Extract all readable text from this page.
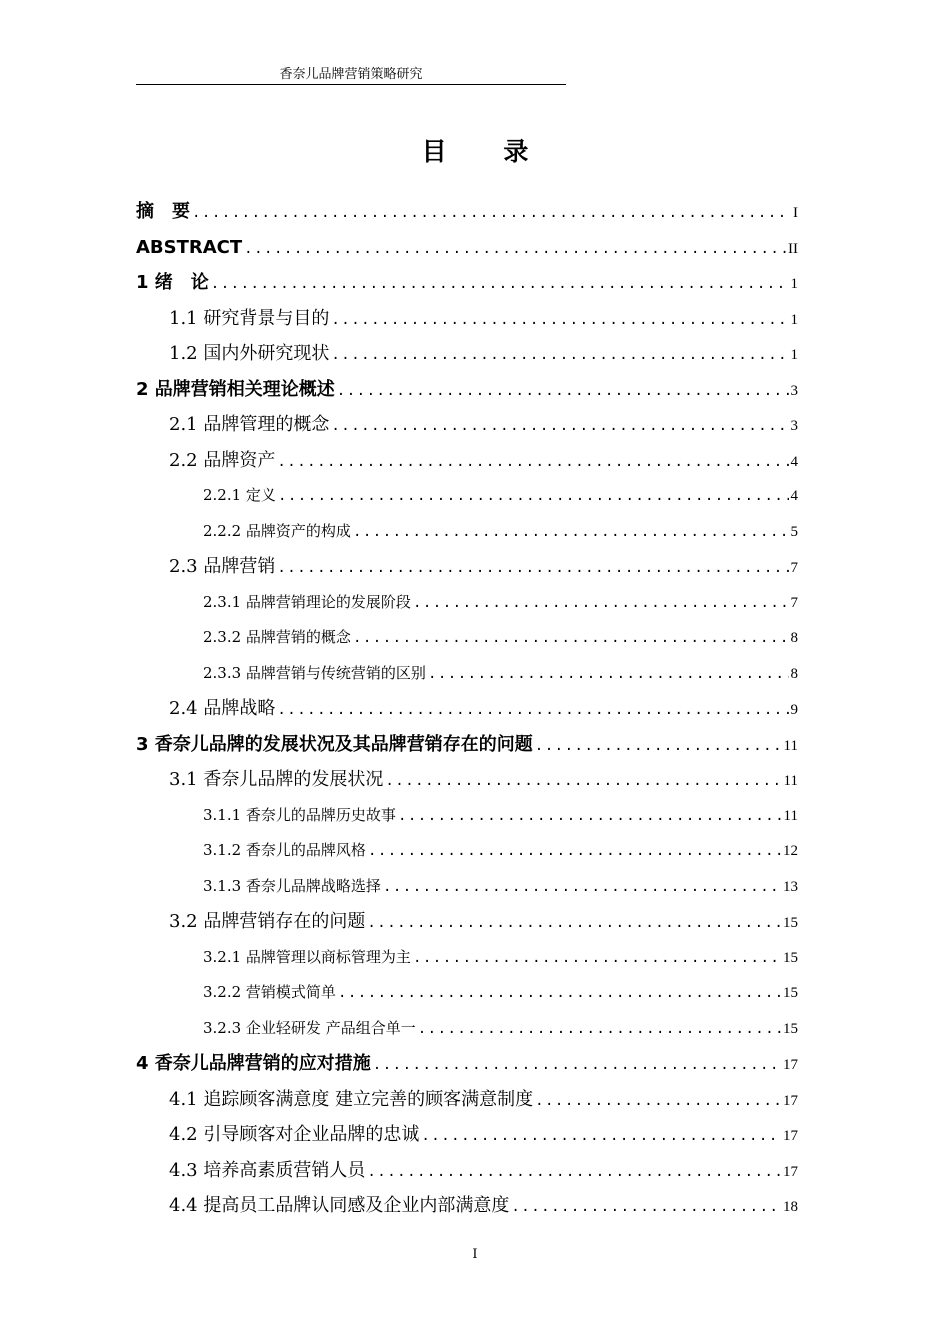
香奈儿品牌营销策略研究
目 录
摘　要 .....	I
ABSTRACT .....	II
1 绪　论 .....	1
1.1 研究背景与目的 .....	1
1.2 国内外研究现状 .....	1
2 品牌营销相关理论概述 .....	3
2.1 品牌管理的概念 .....	3
2.2 品牌资产 .....	4
2.2.1 定义 .....	4
2.2.2 品牌资产的构成 .....	5
2.3 品牌营销 .....	7
2.3.1 品牌营销理论的发展阶段 .....	7
2.3.2 品牌营销的概念 .....	8
2.3.3 品牌营销与传统营销的区别 .....	8
2.4 品牌战略 .....	9
3 香奈儿品牌的发展状况及其品牌营销存在的问题 .....	11
3.1 香奈儿品牌的发展状况 .....	11
3.1.1 香奈儿的品牌历史故事 .....	11
3.1.2 香奈儿的品牌风格 .....	12
3.1.3 香奈儿品牌战略选择 .....	13
3.2 品牌营销存在的问题 .....	15
3.2.1 品牌管理以商标管理为主 .....	15
3.2.2 营销模式简单 .....	15
3.2.3 企业轻研发 产品组合单一 .....	15
4 香奈儿品牌营销的应对措施 .....	17
4.1 追踪顾客满意度 建立完善的顾客满意制度 .....	17
4.2 引导顾客对企业品牌的忠诚 .....	17
4.3 培养高素质营销人员 .....	17
4.4 提高员工品牌认同感及企业内部满意度 .....	18
I
